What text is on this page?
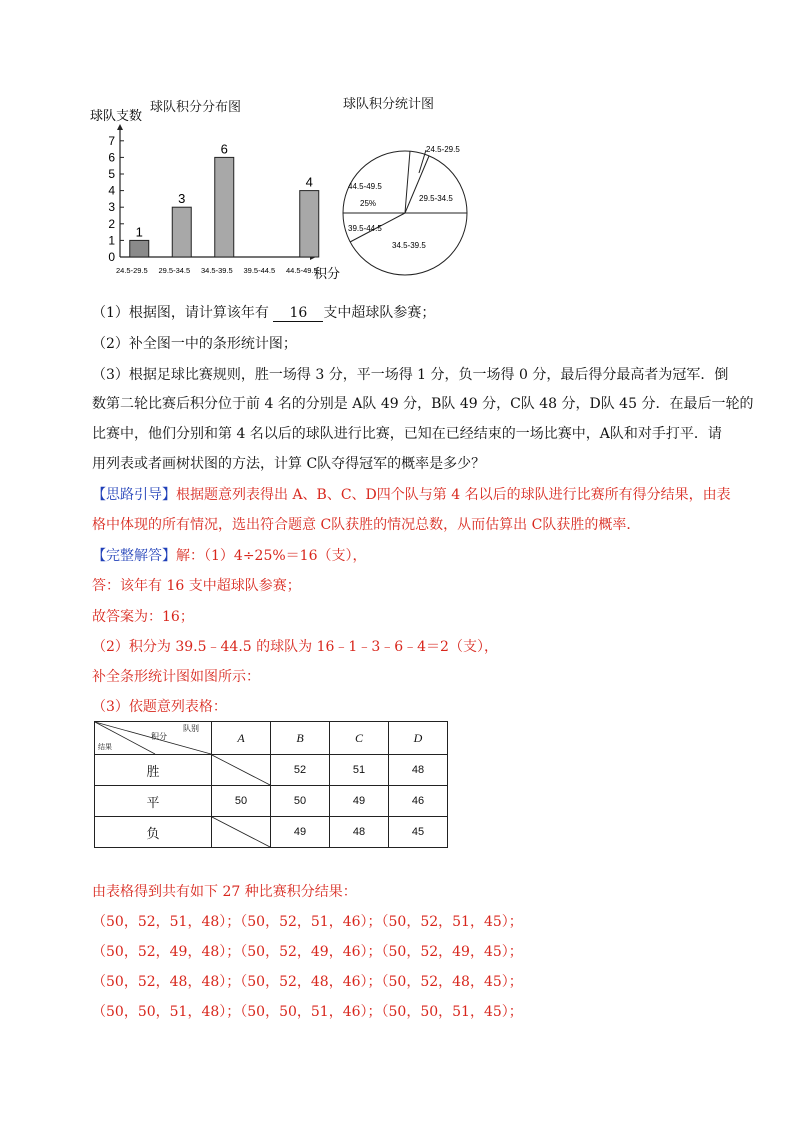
球队积分分布图
球队支数
0
1
2
3
4
5
6
7
24.5-29.5 29.5-34.5 34.5-39.5 39.5-44.5 44.5-49.5
1
3
6
4
积分
球队积分统计图
24.5-29.5
29.5-34.5
34.5-39.5
39.5-44.5
44.5-49.5
25%
（1）根据图，请计算该年有 16 支中超球队参赛；
（2）补全图一中的条形统计图；
（3）根据足球比赛规则，胜一场得 3 分，平一场得 1 分，负一场得 0 分，最后得分最高者为冠军．倒
数第二轮比赛后积分位于前 4 名的分别是 A队 49 分，B队 49 分，C队 48 分，D队 45 分．在最后一轮的
比赛中，他们分别和第 4 名以后的球队进行比赛，已知在已经结束的一场比赛中，A队和对手打平．请
用列表或者画树状图的方法，计算 C队夺得冠军的概率是多少？
【思路引导】根据题意列表得出 A、B、C、D四个队与第 4 名以后的球队进行比赛所有得分结果，由表
格中体现的所有情况，选出符合题意 C队获胜的情况总数，从而估算出 C队获胜的概率．
【完整解答】解：（1）4÷25%＝16（支），
答：该年有 16 支中超球队参赛；
故答案为：16；
（2）积分为 39.5﹣44.5 的球队为 16﹣1﹣3﹣6﹣4＝2（支），
补全条形统计图如图所示：
（3）依题意列表格：
队别
积分
结果	A	B	C	D
胜		52	51	48
平	50	50	49	46
负		49	48	45
由表格得到共有如下 27 种比赛积分结果：
（50，52，51，48）；（50，52，51，46）；（50，52，51，45）；
（50，52，49，48）；（50，52，49，46）；（50，52，49，45）；
（50，52，48，48）；（50，52，48，46）；（50，52，48，45）；
（50，50，51，48）；（50，50，51，46）；（50，50，51，45）；
